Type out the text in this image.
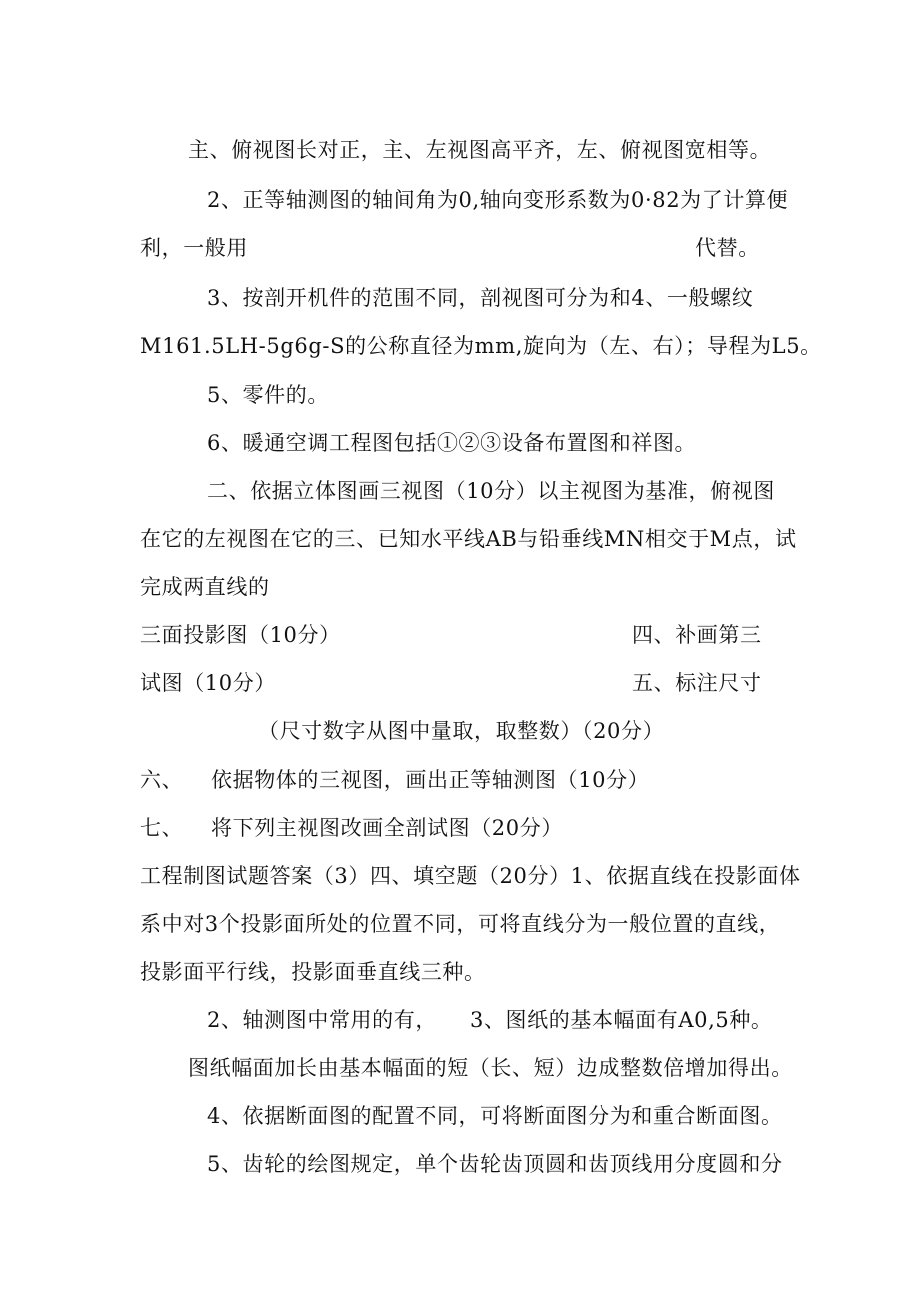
主、俯视图长对正，主、左视图高平齐，左、俯视图宽相等。
2、正等轴测图的轴间角为0,轴向变形系数为0·82为了计算便
利，一般用	代替。
3、按剖开机件的范围不同，剖视图可分为和4、一般螺纹
M161.5LH-5g6g-S的公称直径为mm,旋向为（左、右）；导程为L5。
5、零件的。
6、暖通空调工程图包括①②③设备布置图和祥图。
二、依据立体图画三视图（10分）以主视图为基准，俯视图
在它的左视图在它的三、已知水平线AB与铅垂线MN相交于M点，试
完成两直线的
三面投影图（10分）	四、补画第三
试图（10分）	五、标注尺寸
（尺寸数字从图中量取，取整数）（20分）
六、 依据物体的三视图，画出正等轴测图（10分）
七、 将下列主视图改画全剖试图（20分）
工程制图试题答案（3）四、填空题（20分）1、依据直线在投影面体
系中对3个投影面所处的位置不同，可将直线分为一般位置的直线，
投影面平行线，投影面垂直线三种。
2、轴测图中常用的有， 3、图纸的基本幅面有A0,5种。
图纸幅面加长由基本幅面的短（长、短）边成整数倍增加得出。
4、依据断面图的配置不同，可将断面图分为和重合断面图。
5、齿轮的绘图规定，单个齿轮齿顶圆和齿顶线用分度圆和分
